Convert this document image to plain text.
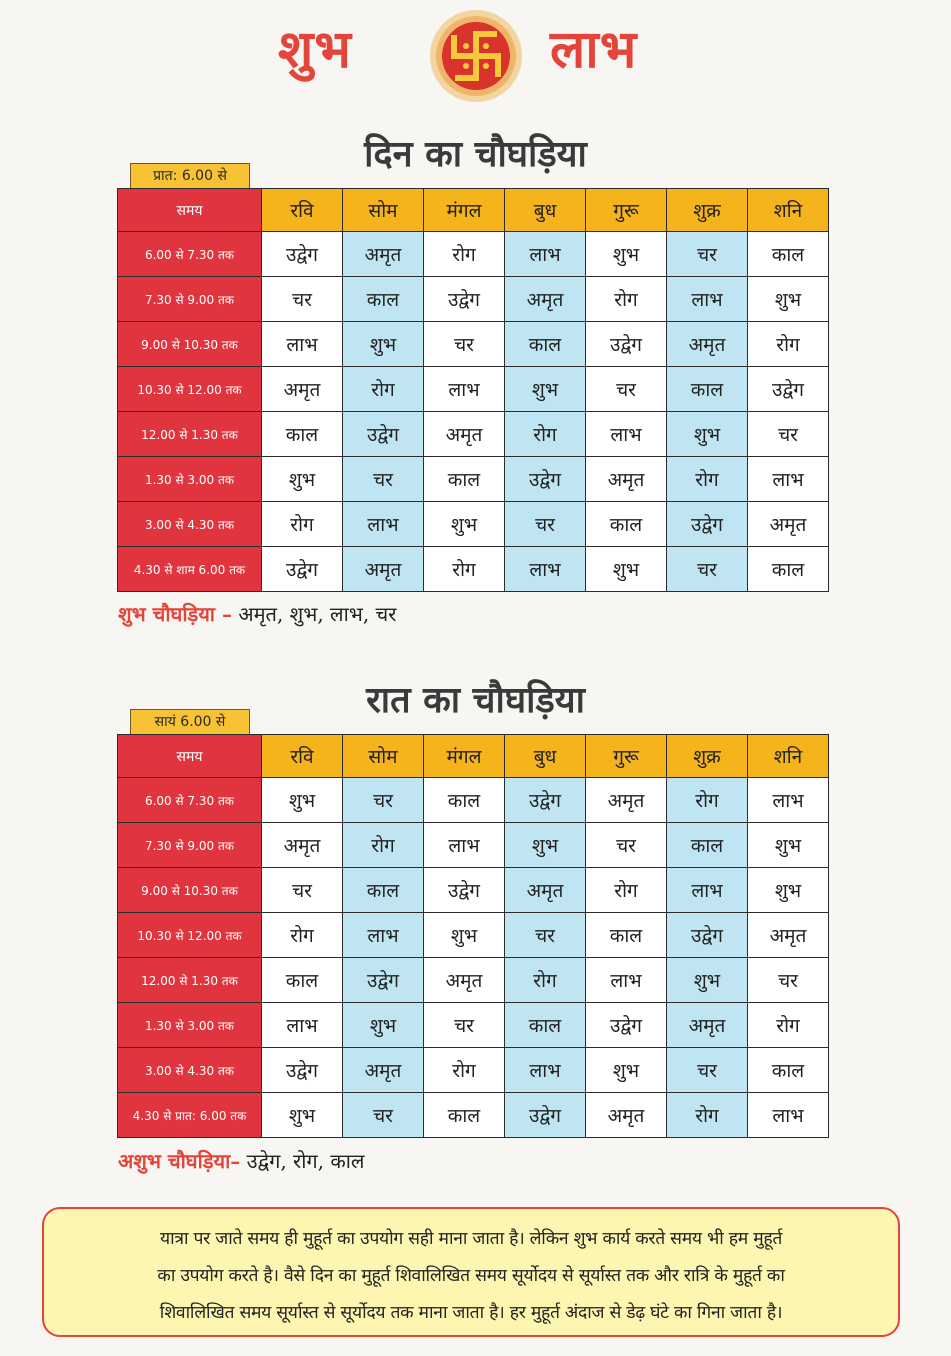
शुभ	लाभ
दिन का चौघड़िया
प्रात: 6.00 से
समय	रवि	सोम	मंगल	बुध	गुरू	शुक्र	शनि
6.00 से 7.30 तक	उद्वेग	अमृत	रोग	लाभ	शुभ	चर	काल
7.30 से 9.00 तक	चर	काल	उद्वेग	अमृत	रोग	लाभ	शुभ
9.00 से 10.30 तक	लाभ	शुभ	चर	काल	उद्वेग	अमृत	रोग
10.30 से 12.00 तक	अमृत	रोग	लाभ	शुभ	चर	काल	उद्वेग
12.00 से 1.30 तक	काल	उद्वेग	अमृत	रोग	लाभ	शुभ	चर
1.30 से 3.00 तक	शुभ	चर	काल	उद्वेग	अमृत	रोग	लाभ
3.00 से 4.30 तक	रोग	लाभ	शुभ	चर	काल	उद्वेग	अमृत
4.30 से शाम 6.00 तक	उद्वेग	अमृत	रोग	लाभ	शुभ	चर	काल
शुभ चौघड़िया – अमृत, शुभ, लाभ, चर
रात का चौघड़िया
सायं 6.00 से
समय	रवि	सोम	मंगल	बुध	गुरू	शुक्र	शनि
6.00 से 7.30 तक	शुभ	चर	काल	उद्वेग	अमृत	रोग	लाभ
7.30 से 9.00 तक	अमृत	रोग	लाभ	शुभ	चर	काल	शुभ
9.00 से 10.30 तक	चर	काल	उद्वेग	अमृत	रोग	लाभ	शुभ
10.30 से 12.00 तक	रोग	लाभ	शुभ	चर	काल	उद्वेग	अमृत
12.00 से 1.30 तक	काल	उद्वेग	अमृत	रोग	लाभ	शुभ	चर
1.30 से 3.00 तक	लाभ	शुभ	चर	काल	उद्वेग	अमृत	रोग
3.00 से 4.30 तक	उद्वेग	अमृत	रोग	लाभ	शुभ	चर	काल
4.30 से प्रात: 6.00 तक	शुभ	चर	काल	उद्वेग	अमृत	रोग	लाभ
अशुभ चौघड़िया– उद्वेग, रोग, काल
यात्रा पर जाते समय ही मुहूर्त का उपयोग सही माना जाता है। लेकिन शुभ कार्य करते समय भी हम मुहूर्त
का उपयोग करते है। वैसे दिन का मुहूर्त शिवालिखित समय सूर्योदय से सूर्यास्त तक और रात्रि के मुहूर्त का
शिवालिखित समय सूर्यास्त से सूर्योदय तक माना जाता है। हर मुहूर्त अंदाज से डेढ़ घंटे का गिना जाता है।
